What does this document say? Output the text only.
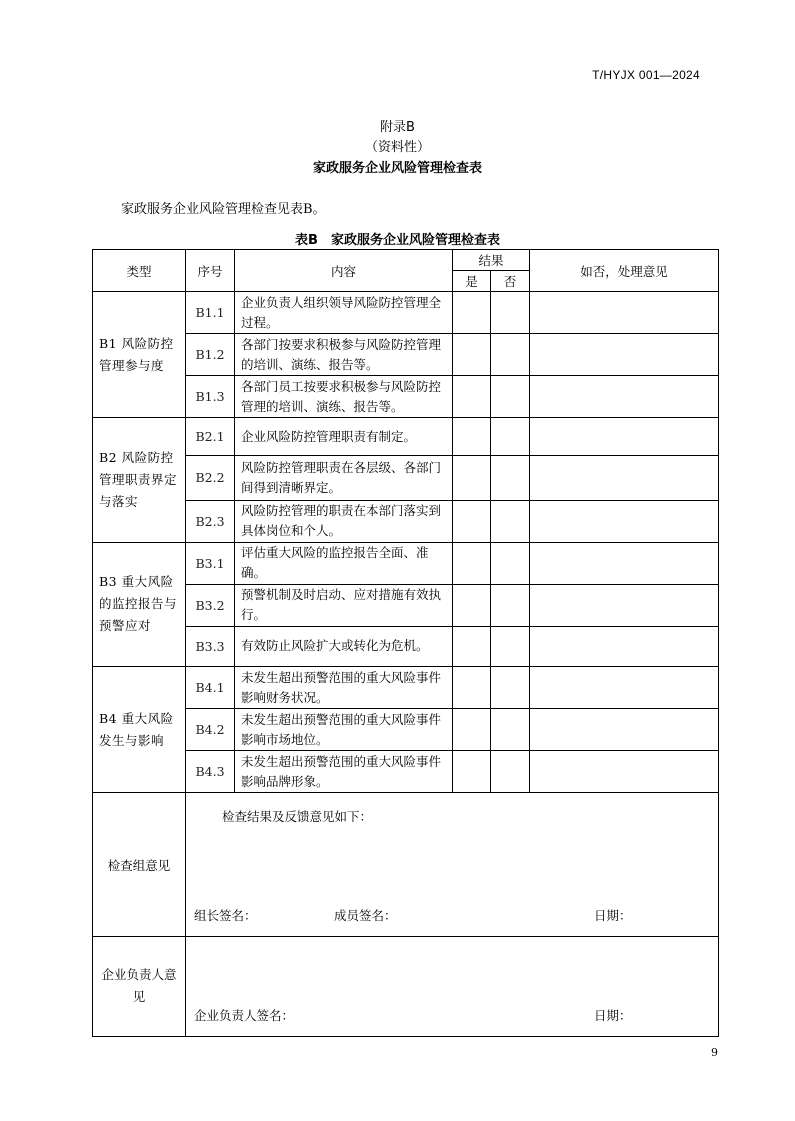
T/HYJX 001—2024
附录B
（资料性）
家政服务企业风险管理检查表
家政服务企业风险管理检查见表B。
表B　家政服务企业风险管理检查表
类型	序号	内容	结果		如否，处理意见
			是	否	
B1 风险防控管理参与度	B1.1	企业负责人组织领导风险防控管理全过程。			
	B1.2	各部门按要求积极参与风险防控管理的培训、演练、报告等。			
	B1.3	各部门员工按要求积极参与风险防控管理的培训、演练、报告等。			
B2 风险防控管理职责界定与落实	B2.1	企业风险防控管理职责有制定。			
	B2.2	风险防控管理职责在各层级、各部门间得到清晰界定。			
	B2.3	风险防控管理的职责在本部门落实到具体岗位和个人。			
B3 重大风险的监控报告与预警应对	B3.1	评估重大风险的监控报告全面、准确。			
	B3.2	预警机制及时启动、应对措施有效执行。			
	B3.3	有效防止风险扩大或转化为危机。			
B4 重大风险发生与影响	B4.1	未发生超出预警范围的重大风险事件影响财务状况。			
	B4.2	未发生超出预警范围的重大风险事件影响市场地位。			
	B4.3	未发生超出预警范围的重大风险事件影响品牌形象。			
检查组意见	检查结果及反馈意见如下：
组长签名： 成员签名： 日期：				

企业负责人意见	企业负责人签名： 日期：				
9
